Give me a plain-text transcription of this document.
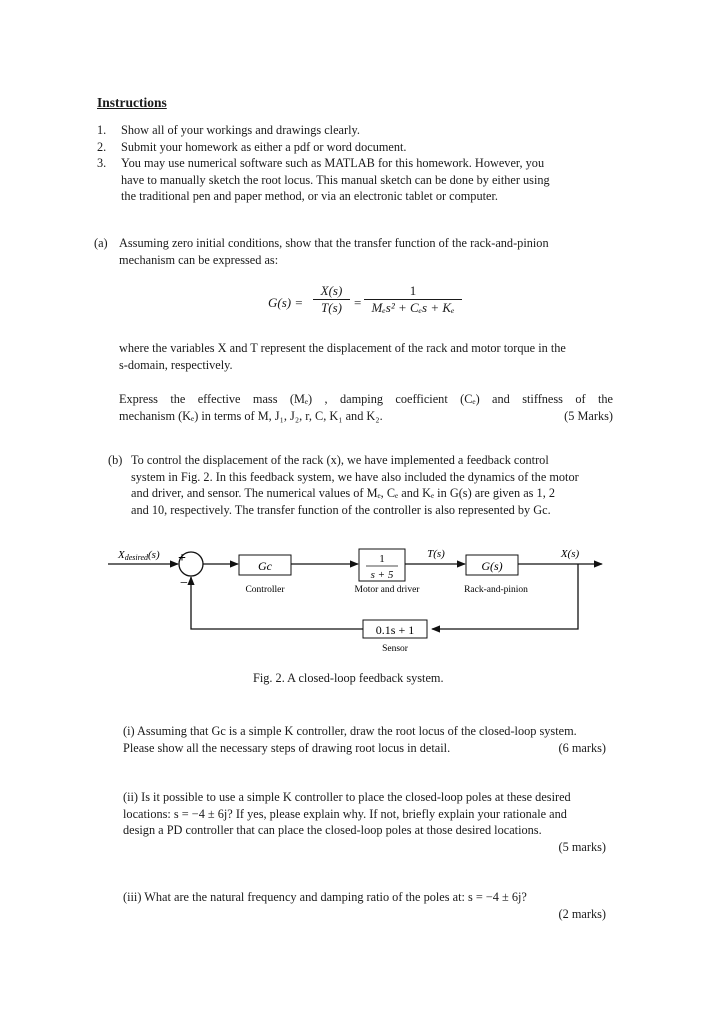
Instructions
1. Show all of your workings and drawings clearly.
2. Submit your homework as either a pdf or word document.
3. You may use numerical software such as MATLAB for this homework. However, you
have to manually sketch the root locus. This manual sketch can be done by either using
the traditional pen and paper method, or via an electronic tablet or computer.
(a) Assuming zero initial conditions, show that the transfer function of the rack-and-pinion
mechanism can be expressed as:
$G(s) = \frac{X(s)}{T(s)}$ =
1
Mₑs² + Cₑs + Kₑ
where the variables X and T represent the displacement of the rack and motor torque in the
s-domain, respectively.
Express the effective mass (Mₑ) , damping coefficient (Cₑ) and stiffness of the
mechanism (Kₑ) in terms of M, J₁, J₂, r, C, K₁ and K₂.	(5 Marks)
(b) To control the displacement of the rack (x), we have implemented a feedback control
system in Fig. 2. In this feedback system, we have also included the dynamics of the motor
and driver, and sensor. The numerical values of Mₑ, Cₑ and Kₑ in G(s) are given as 1, 2
and 10, respectively. The transfer function of the controller is also represented by Gc.
Xdesired(s) +
−
Gc
Controller
1
s + 5
Motor and driver
T(s)
G(s)
Rack-and-pinion
X(s)
0.1s + 1
Sensor
Fig. 2. A closed-loop feedback system.
(i) Assuming that Gc is a simple K controller, draw the root locus of the closed-loop system.
Please show all the necessary steps of drawing root locus in detail.	(6 marks)
(ii) Is it possible to use a simple K controller to place the closed-loop poles at these desired
locations: s = −4 ± 6j? If yes, please explain why. If not, briefly explain your rationale and
design a PD controller that can place the closed-loop poles at those desired locations.
(5 marks)
(iii) What are the natural frequency and damping ratio of the poles at: s = −4 ± 6j?
(2 marks)
